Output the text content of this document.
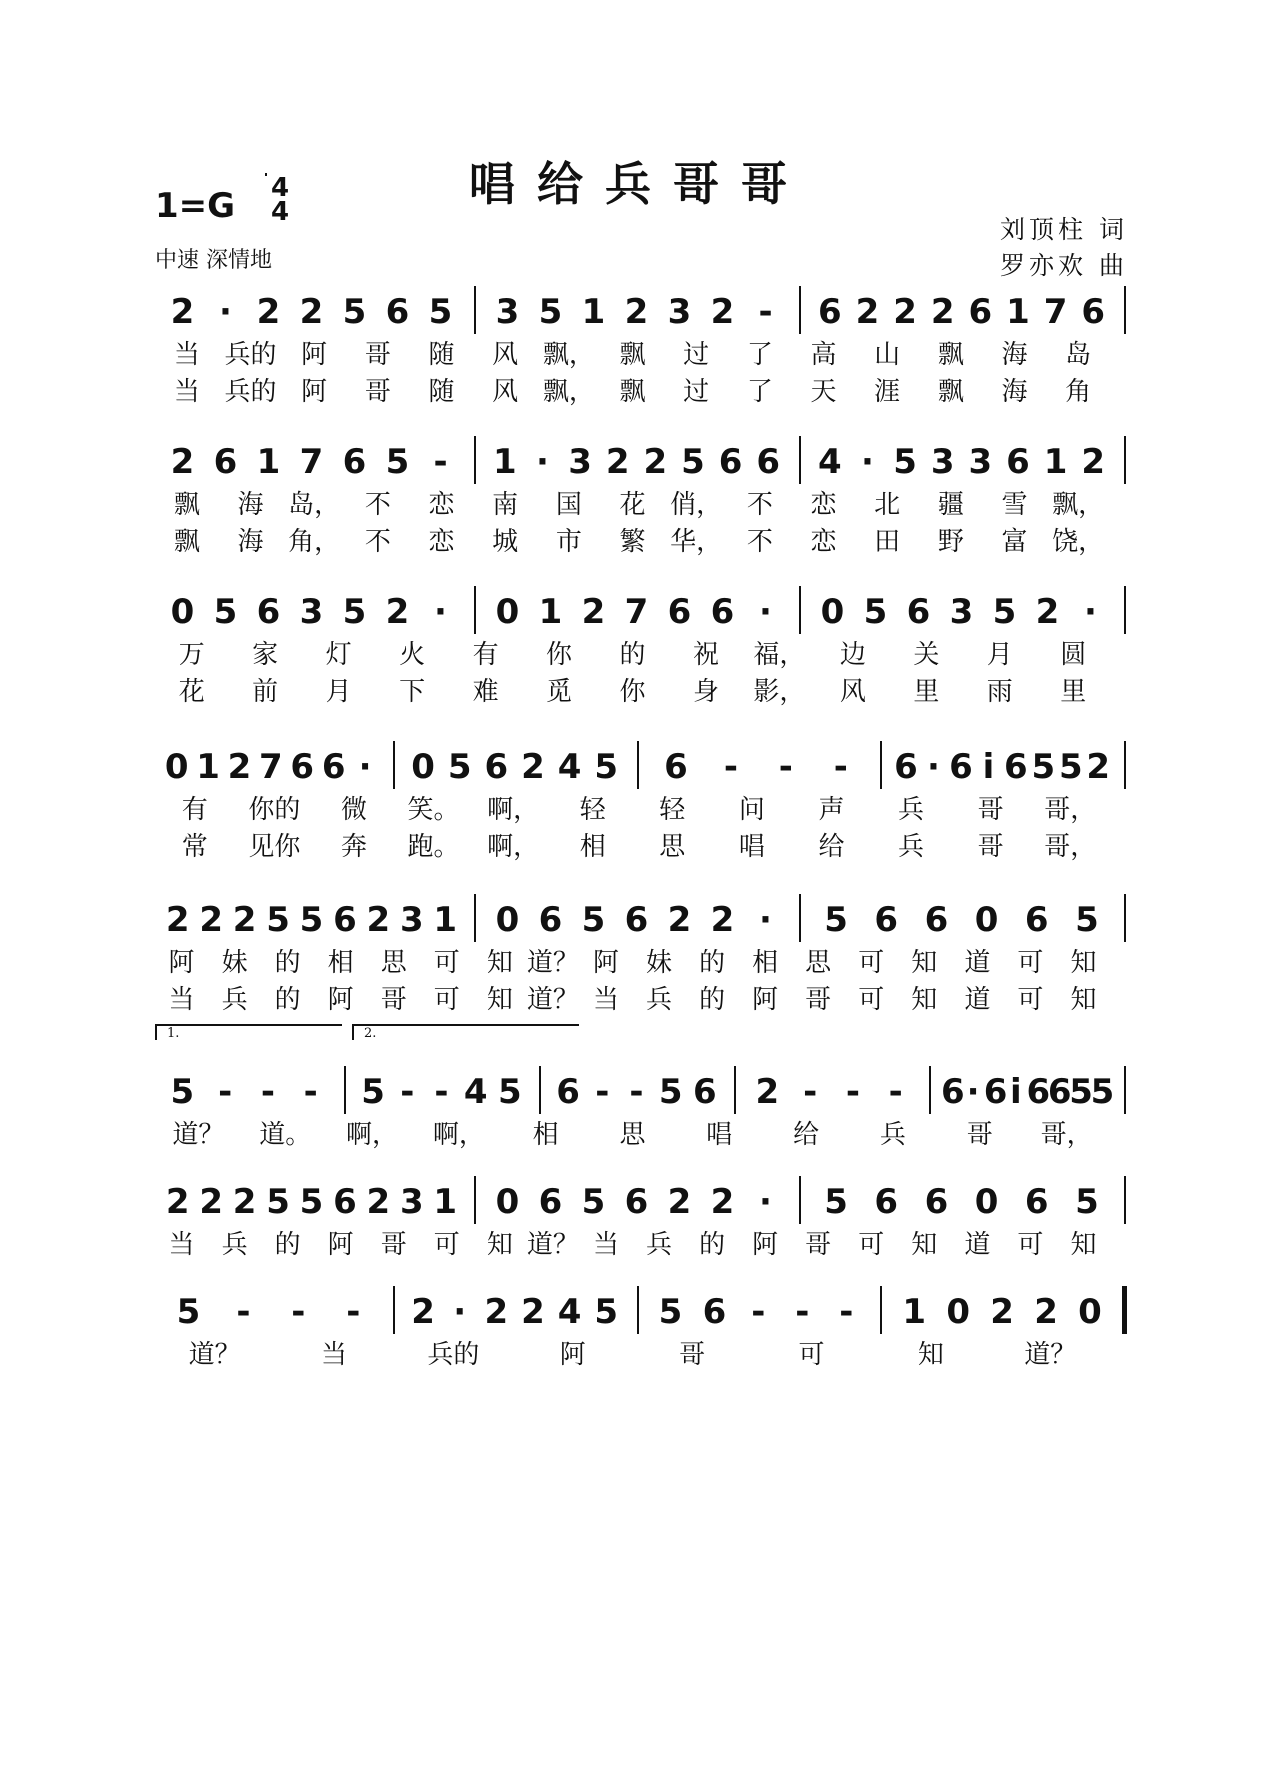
唱给兵哥哥
1=G 4
4
中速 深情地
刘顶柱 词
罗亦欢 曲
2 · 2 2 5 6 5 3 5 1 2 3 2 -	6 2 2 2 6 1 7 6
当 兵的 阿	哥	随	风 飘， 飘	过	了	高	山	飘	海	岛
当 兵的 阿	哥	随	风 飘， 飘	过	了	天	涯	飘	海	角
2 6 1 7 6 5 -	1 · 3 2 2 5 6 6 4 · 5 3 3 6 1 2
飘	海 岛， 不	恋	南	国	花 俏， 不	恋	北	疆	雪 飘，
飘	海 角， 不	恋	城	市	繁 华， 不	恋	田	野	富 饶，
0 5 6 3 5 2 ·	0 1 2 7 6 6 ·	0 5 6 3 5 2 ·
万	家	灯	火	有	你	的	祝	福，	边	关	月	圆
花	前	月	下	难	觅	你	身	影，	风	里	雨	里
0 1 2 7 6 6 · 0 5 6 2 4 5	6	-	-	-	6 · 6 i 6 5 5 2
有	你的	微	笑。	啊，	轻	轻	问	声	兵	哥	哥，
常	见你	奔	跑。	啊，	相	思	唱	给	兵	哥	哥，
2 2 2 5 5 6 2 3 1 0 6 5 6 2 2 ·	5 6 6 0 6 5
阿	妹	的	相	思	可	知 道？ 阿	妹	的	相	思	可	知	道	可	知
当	兵	的	阿	哥	可	知 道？ 当	兵	的	阿	哥	可	知	道	可	知
5 - - -	5 - - 4 5 6 - - 5 6 2 - - -	6 · 6 i 6
6
5
5
1.	2.
道？	道。	啊，	啊，	相	思	唱	给	兵	哥	哥，
2 2 2 5 5 6 2 3 1 0 6 5 6 2 2 ·	5 6 6 0 6 5
当	兵	的	阿	哥	可	知 道？ 当	兵	的	阿	哥	可	知	道	可	知
5	-	-	-	2 · 2 2 4 5 5 6 - - -	1 0 2 2 0
道？	当	兵的	阿	哥	可	知	道？
